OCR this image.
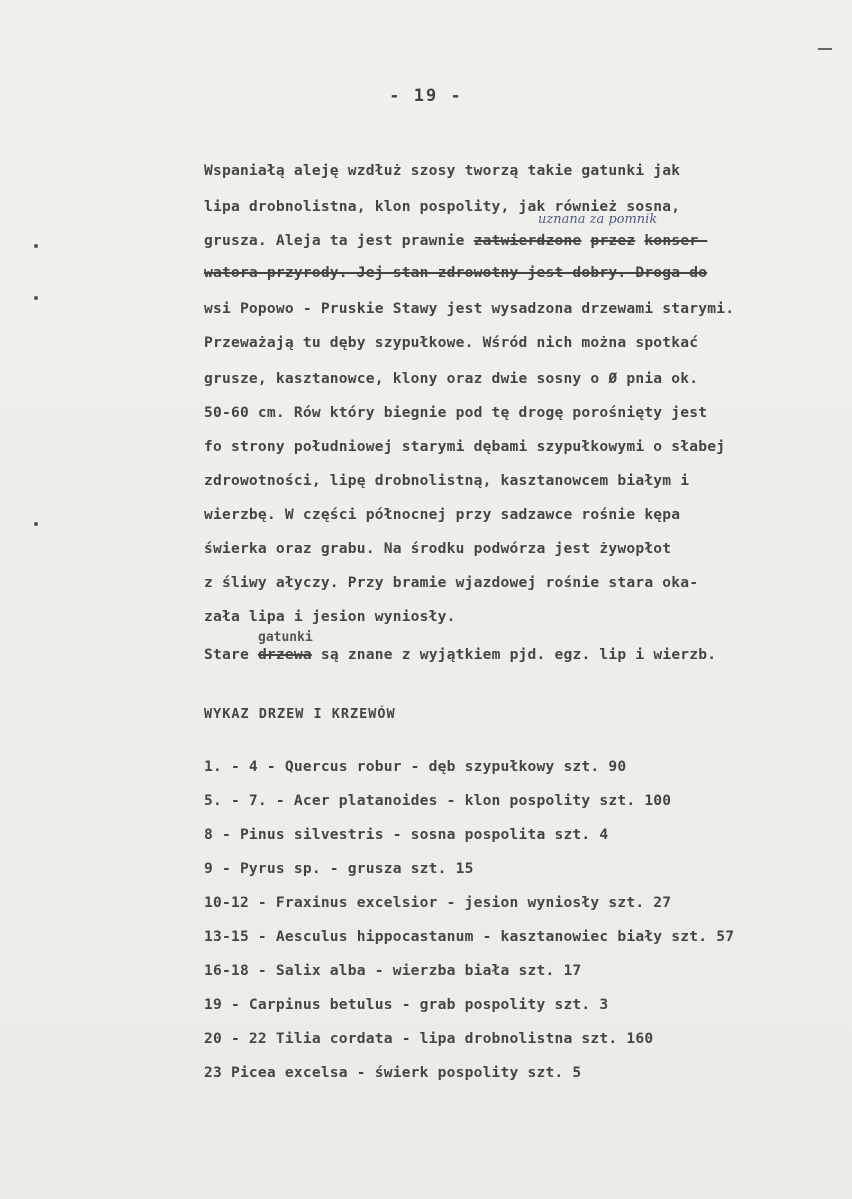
- 19 -
Wspaniałą aleję wzdłuż szosy tworzą takie gatunki jak
lipa drobnolistna, klon pospolity, jak również sosna,
uznana za pomnik
grusza. Aleja ta jest prawnie zatwierdzone przez konser-
watora przyrody. Jej stan zdrowotny jest dobry. Droga do
wsi Popowo - Pruskie Stawy jest wysadzona drzewami starymi.
Przeważają tu dęby szypułkowe. Wśród nich można spotkać
grusze, kasztanowce, klony oraz dwie sosny o Ø pnia ok.
50-60 cm. Rów który biegnie pod tę drogę porośnięty jest
fo strony południowej starymi dębami szypułkowymi o słabej
zdrowotności, lipę drobnolistną, kasztanowcem białym i
wierzbę. W części północnej przy sadzawce rośnie kępa
świerka oraz grabu. Na środku podwórza jest żywopłot
z śliwy ałyczy. Przy bramie wjazdowej rośnie stara oka-
zała lipa i jesion wyniosły.
gatunki
Stare drzewa są znane z wyjątkiem pjd. egz. lip i wierzb.
WYKAZ DRZEW I KRZEWÓW
1. - 4 - Quercus robur - dęb szypułkowy szt. 90
5. - 7. - Acer platanoides - klon pospolity szt. 100
8 - Pinus silvestris - sosna pospolita szt. 4
9 - Pyrus sp. - grusza szt. 15
10-12 - Fraxinus excelsior - jesion wyniosły szt. 27
13-15 - Aesculus hippocastanum - kasztanowiec biały szt. 57
16-18 - Salix alba - wierzba biała szt. 17
19 - Carpinus betulus - grab pospolity szt. 3
20 - 22 Tilia cordata - lipa drobnolistna szt. 160
23 Picea excelsa - świerk pospolity szt. 5
